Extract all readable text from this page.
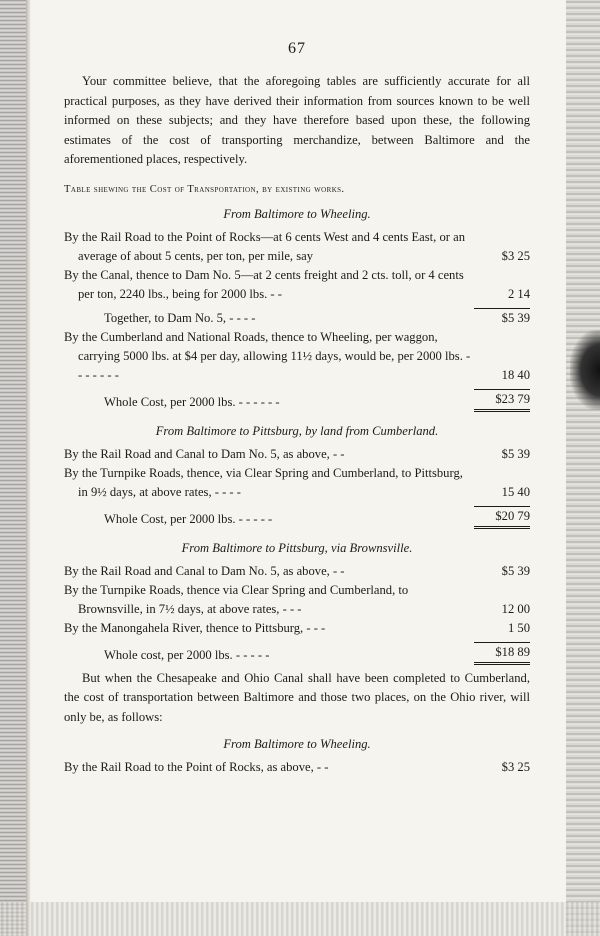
67

Your committee believe, that the aforegoing tables are sufficiently accurate for all practical purposes, as they have derived their information from sources known to be well informed on these subjects; and they have therefore based upon these, the following estimates of the cost of transporting merchandize, between Baltimore and the aforementioned places, respectively.

Table shewing the Cost of Transportation, by existing works.
From Baltimore to Wheeling.
By the Rail Road to the Point of Rocks—at 6 cents West and 4 cents East, or an average of about 5 cents, per ton, per mile, say	$3 25
By the Canal, thence to Dam No. 5—at 2 cents freight and 2 cts. toll, or 4 cents per ton, 2240 lbs., being for 2000 lbs. - -	2 14
Together, to Dam No. 5, - - - -	$5 39
By the Cumberland and National Roads, thence to Wheeling, per waggon, carrying 5000 lbs. at $4 per day, allowing 11½ days, would be, per 2000 lbs. - - - - - - -	18 40
Whole Cost, per 2000 lbs. - - - - - -	$23 79
From Baltimore to Pittsburg, by land from Cumberland.
By the Rail Road and Canal to Dam No. 5, as above, - -	$5 39
By the Turnpike Roads, thence, via Clear Spring and Cumberland, to Pittsburg, in 9½ days, at above rates, - - - -	15 40
Whole Cost, per 2000 lbs. - - - - -	$20 79
From Baltimore to Pittsburg, via Brownsville.
By the Rail Road and Canal to Dam No. 5, as above, - -	$5 39
By the Turnpike Roads, thence via Clear Spring and Cumberland, to Brownsville, in 7½ days, at above rates, - - -	12 00
By the Manongahela River, thence to Pittsburg, - - -	1 50
Whole cost, per 2000 lbs. - - - - -	$18 89

But when the Chesapeake and Ohio Canal shall have been completed to Cumberland, the cost of transportation between Baltimore and those two places, on the Ohio river, will only be, as follows:

From Baltimore to Wheeling.
By the Rail Road to the Point of Rocks, as above, - -	$3 25
